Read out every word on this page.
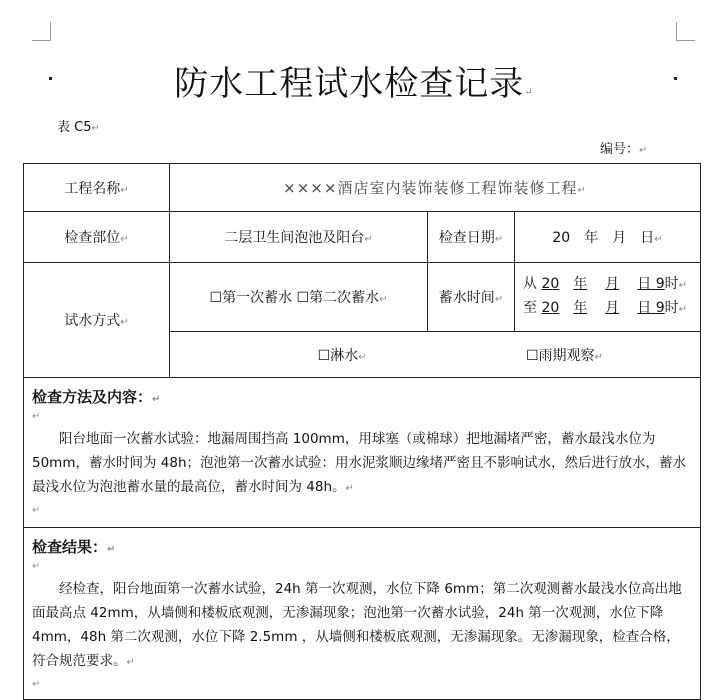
防水工程试水检查记录↵
表 C5↵
编号：↵
工程名称↵	××××酒店室内装饰装修工程饰装修工程↵		
检查部位↵	二层卫生间泡池及阳台↵	检查日期↵	20　年　月　日↵
试水方式↵	☐第一次蓄水 ☐第二次蓄水↵	蓄水时间↵	从 20 年 月 日 9时↵
至 20 年 月 日 9时↵

	☐淋水↵ ☐雨期观察↵		

检查方法及内容：↵
↵

阳台地面一次蓄水试验：地漏周围挡高 100mm，用球塞（或棉球）把地漏堵严密，蓄水最浅水位为 50mm，蓄水时间为 48h；泡池第一次蓄水试验：用水泥浆顺边缘堵严密且不影响试水，然后进行放水，蓄水最浅水位为泡池蓄水量的最高位，蓄水时间为 48h。↵

↵			

检查结果：↵
↵

经检查，阳台地面第一次蓄水试验，24h 第一次观测，水位下降 6mm；第二次观测蓄水最浅水位高出地面最高点 42mm，从墙侧和楼板底观测，无渗漏现象；泡池第一次蓄水试验，24h 第一次观测，水位下降 4mm，48h 第二次观测，水位下降 2.5mm ，从墙侧和楼板底观测，无渗漏现象。无渗漏现象，检查合格，符合规范要求。↵

↵			
